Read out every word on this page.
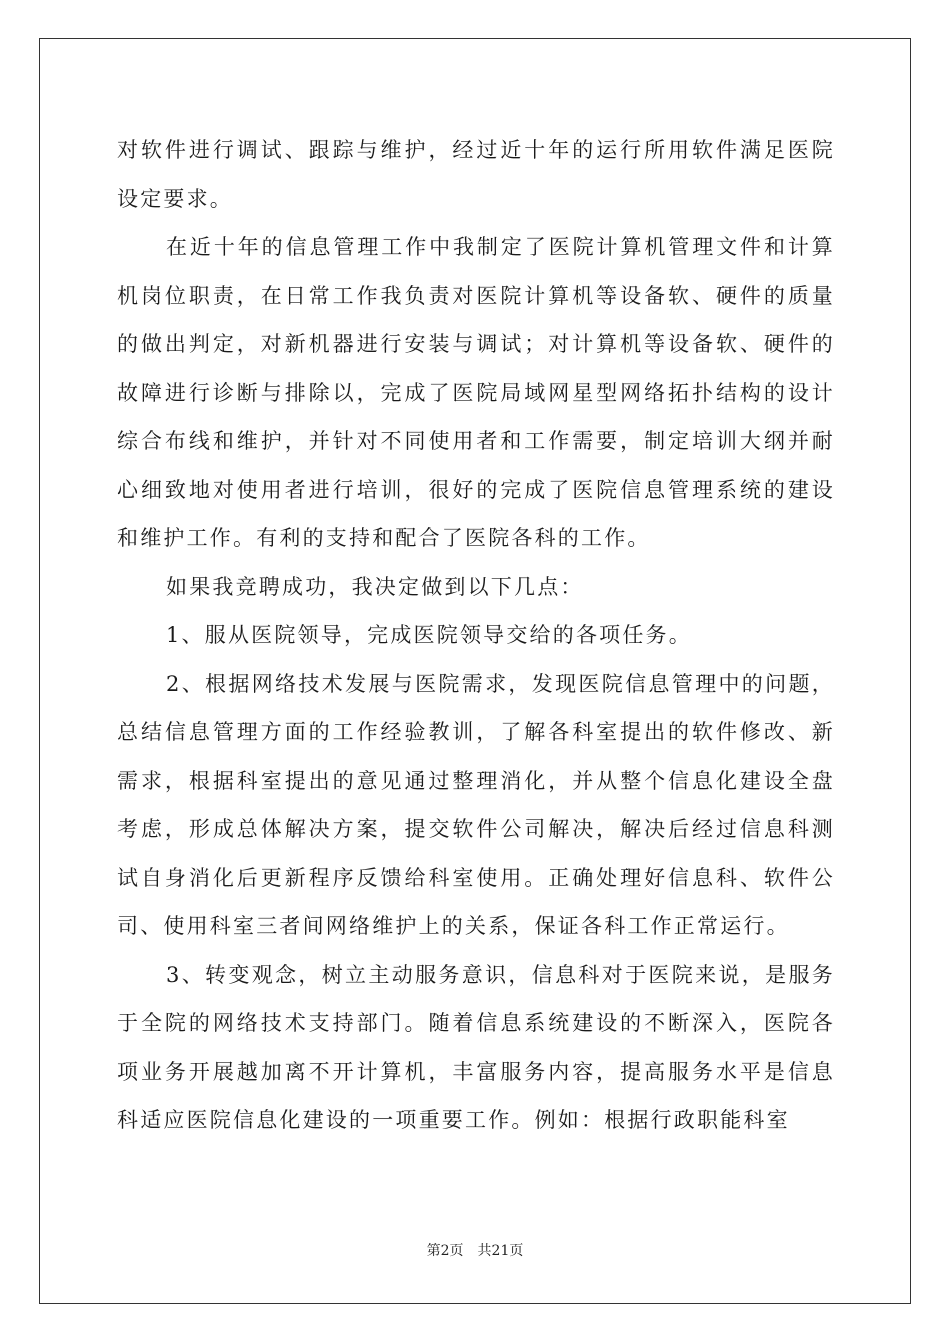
对软件进行调试、跟踪与维护，经过近十年的运行所用软件满足医院设定要求。

在近十年的信息管理工作中我制定了医院计算机管理文件和计算机岗位职责，在日常工作我负责对医院计算机等设备软、硬件的质量的做出判定，对新机器进行安装与调试；对计算机等设备软、硬件的故障进行诊断与排除以，完成了医院局域网星型网络拓扑结构的设计综合布线和维护，并针对不同使用者和工作需要，制定培训大纲并耐心细致地对使用者进行培训，很好的完成了医院信息管理系统的建设和维护工作。有利的支持和配合了医院各科的工作。

如果我竞聘成功，我决定做到以下几点：

1、服从医院领导，完成医院领导交给的各项任务。

2、根据网络技术发展与医院需求，发现医院信息管理中的问题，总结信息管理方面的工作经验教训，了解各科室提出的软件修改、新需求，根据科室提出的意见通过整理消化，并从整个信息化建设全盘考虑，形成总体解决方案，提交软件公司解决，解决后经过信息科测试自身消化后更新程序反馈给科室使用。正确处理好信息科、软件公司、使用科室三者间网络维护上的关系，保证各科工作正常运行。

3、转变观念，树立主动服务意识，信息科对于医院来说，是服务于全院的网络技术支持部门。随着信息系统建设的不断深入，医院各项业务开展越加离不开计算机，丰富服务内容，提高服务水平是信息科适应医院信息化建设的一项重要工作。例如：根据行政职能科室

第2页 共21页
